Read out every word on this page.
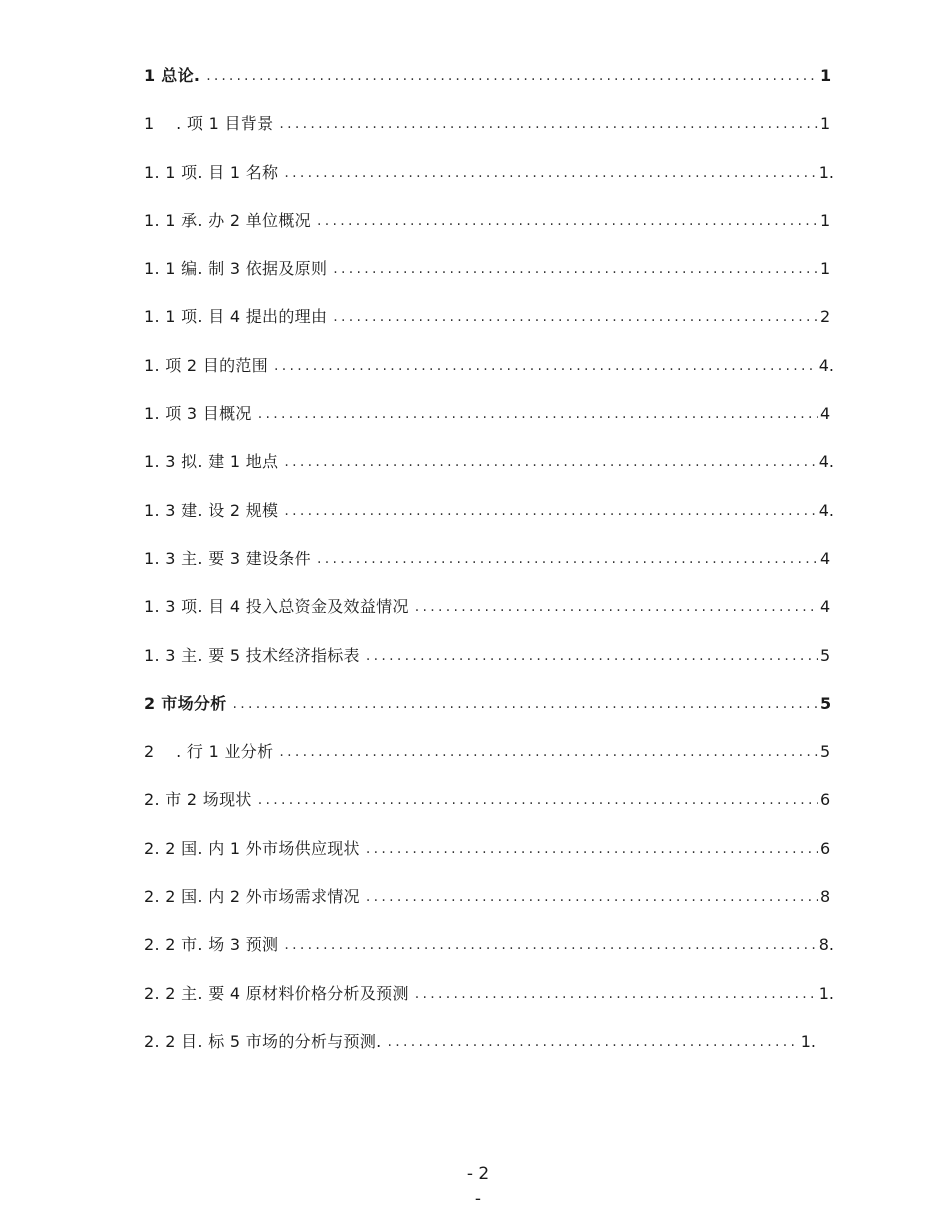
1 总论. .....	1
1 　. 项 1 目背景 .....	1
1. 1 项. 目 1 名称 .....	1.
1. 1 承. 办 2 单位概况 .....	1
1. 1 编. 制 3 依据及原则 .....	1
1. 1 项. 目 4 提出的理由 .....	2
1. 项 2 目的范围 .....	4.
1. 项 3 目概况 .....	4
1. 3 拟. 建 1 地点 .....	4.
1. 3 建. 设 2 规模 .....	4.
1. 3 主. 要 3 建设条件 .....	4
1. 3 项. 目 4 投入总资金及效益情况 .....	4
1. 3 主. 要 5 技术经济指标表 .....	5
2 市场分析 .....	5
2 　. 行 1 业分析 .....	5
2. 市 2 场现状 .....	6
2. 2 国. 内 1 外市场供应现状 .....	6
2. 2 国. 内 2 外市场需求情况 .....	8
2. 2 市. 场 3 预测 .....	8.
2. 2 主. 要 4 原材料价格分析及预测 .....	1.
2. 2 目. 标 5 市场的分析与预测. .....	1.
- 2
-
